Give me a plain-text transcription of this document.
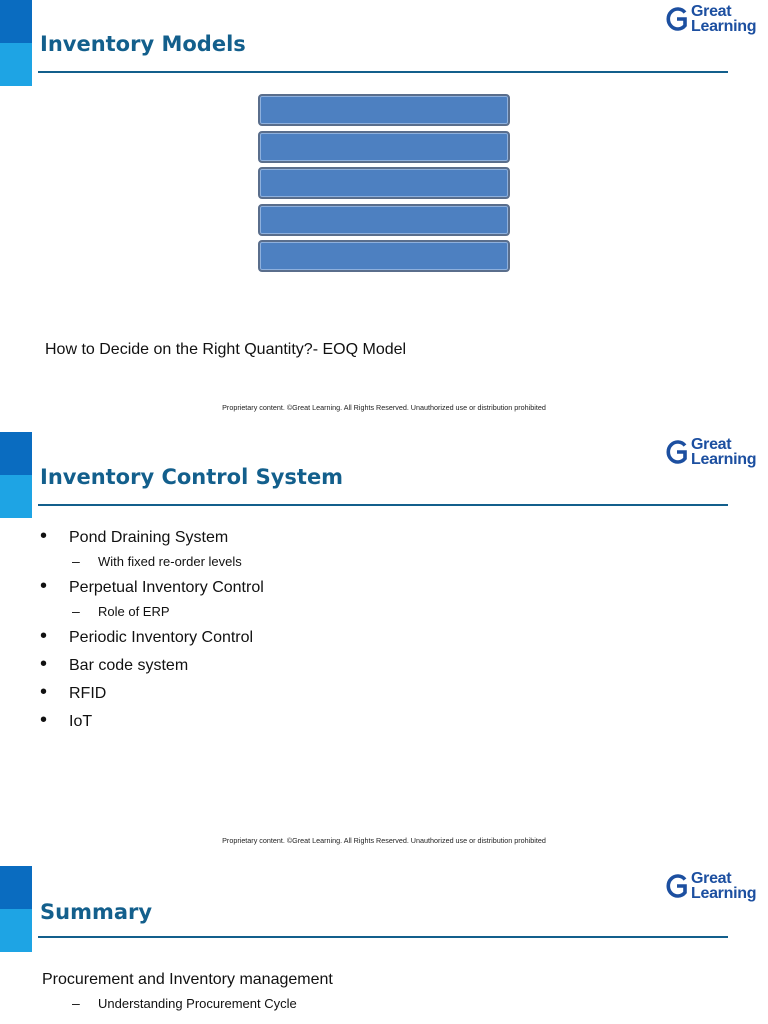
Inventory Models
Great
Learning
How to Decide on the Right Quantity?- EOQ Model
Proprietary content. ©Great Learning. All Rights Reserved. Unauthorized use or distribution prohibited
Inventory Control System
Great
Learning
• Pond Draining System
– With fixed re-order levels
• Perpetual Inventory Control
– Role of ERP
• Periodic Inventory Control
• Bar code system
• RFID
• IoT
Proprietary content. ©Great Learning. All Rights Reserved. Unauthorized use or distribution prohibited
Summary
Great
Learning
Procurement and Inventory management
– Understanding Procurement Cycle
